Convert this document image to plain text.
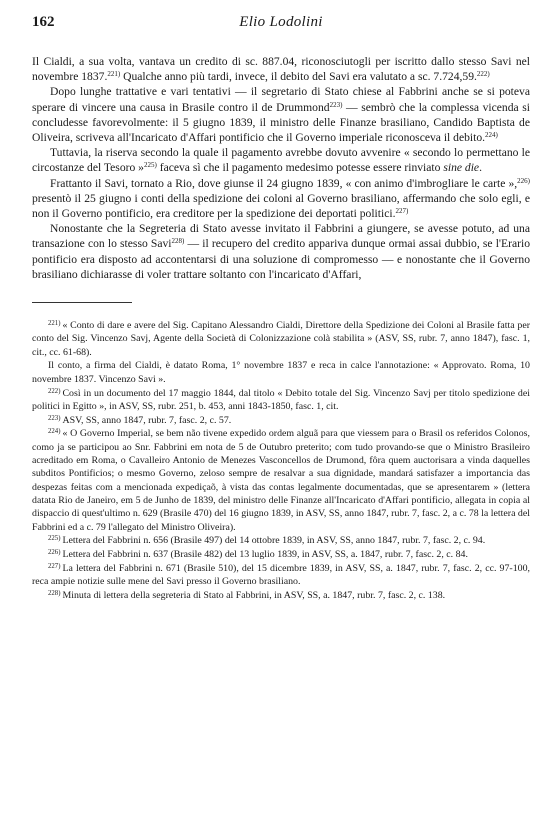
162	Elio Lodolini

Il Cialdi, a sua volta, vantava un credito di sc. 887.04, riconosciutogli per iscritto dallo stesso Savi nel novembre 1837.$^{221)}$ Qualche anno più tardi, invece, il debito del Savi era valutato a sc. 7.724,59.$^{222)}$

Dopo lunghe trattative e vari tentativi — il segretario di Stato chiese al Fabbrini anche se si poteva sperare di vincere una causa in Brasile contro il de Drummond$^{223)}$ — sembrò che la complessa vicenda si concludesse favorevolmente: il 5 giugno 1839, il ministro delle Finanze brasiliano, Candido Baptista de Oliveira, scriveva all'Incaricato d'Affari pontificio che il Governo imperiale riconosceva il debito.$^{224)}$

Tuttavia, la riserva secondo la quale il pagamento avrebbe dovuto avvenire « secondo lo permettano le circostanze del Tesoro »$^{225)}$ faceva sì che il pagamento medesimo potesse essere rinviato sine die.

Frattanto il Savi, tornato a Rio, dove giunse il 24 giugno 1839, « con animo d'imbrogliare le carte »,$^{226)}$ presentò il 25 giugno i conti della spedizione dei coloni al Governo brasiliano, affermando che solo egli, e non il Governo pontificio, era creditore per la spedizione dei deportati politici.$^{227)}$

Nonostante che la Segreteria di Stato avesse invitato il Fabbrini a giungere, se avesse potuto, ad una transazione con lo stesso Savi$^{228)}$ — il recupero del credito appariva dunque ormai assai dubbio, se l'Erario pontificio era disposto ad accontentarsi di una soluzione di compromesso — e nonostante che il Governo brasiliano dichiarasse di voler trattare soltanto con l'incaricato d'Affari,

$^{221)}$ « Conto di dare e avere del Sig. Capitano Alessandro Cialdi, Direttore della Spedizione dei Coloni al Brasile fatta per conto del Sig. Vincenzo Savj, Agente della Società di Colonizzazione colà stabilita » (ASV, SS, rubr. 7, anno 1847), fasc. 1, cit., cc. 61-68).
Il conto, a firma del Cialdi, è datato Roma, 1° novembre 1837 e reca in calce l'annotazione: « Approvato. Roma, 10 novembre 1837. Vincenzo Savi ».
$^{222)}$ Così in un documento del 17 maggio 1844, dal titolo « Debito totale del Sig. Vincenzo Savj per titolo spedizione dei politici in Egitto », in ASV, SS, rubr. 251, b. 453, anni 1843-1850, fasc. 1, cit.
$^{223)}$ ASV, SS, anno 1847, rubr. 7, fasc. 2, c. 57.
$^{224)}$ « O Governo Imperial, se bem não tivene expedido ordem alguã para que viessem para o Brasil os referidos Colonos, como ja se participou ao Snr. Fabbrini em nota de 5 de Outubro preterito; com tudo provando-se que o Ministro Brasileiro acreditado em Roma, o Cavalleiro Antonio de Menezes Vasconcellos de Drumond, fôra quem auctorisara a vinda daquelles subditos Pontificios; o mesmo Governo, zeloso sempre de resalvar a sua dignidade, mandará satisfazer a importancia das despezas feitas com a mencionada expediçaõ, à vista das contas legalmente documentadas, que se apresentarem » (lettera datata Rio de Janeiro, em 5 de Junho de 1839, del ministro delle Finanze all'Incaricato d'Affari pontificio, allegata in copia al dispaccio di quest'ultimo n. 629 (Brasile 470) del 16 giugno 1839, in ASV, SS, anno 1847, rubr. 7, fasc. 2, a c. 78 la lettera del Fabbrini ed a c. 79 l'allegato del Ministro Oliveira).
$^{225)}$ Lettera del Fabbrini n. 656 (Brasile 497) del 14 ottobre 1839, in ASV, SS, anno 1847, rubr. 7, fasc. 2, c. 94.
$^{226)}$ Lettera del Fabbrini n. 637 (Brasile 482) del 13 luglio 1839, in ASV, SS, a. 1847, rubr. 7, fasc. 2, c. 84.
$^{227)}$ La lettera del Fabbrini n. 671 (Brasile 510), del 15 dicembre 1839, in ASV, SS, a. 1847, rubr. 7, fasc. 2, cc. 97-100, reca ampie notizie sulle mene del Savi presso il Governo brasiliano.
$^{228)}$ Minuta di lettera della segreteria di Stato al Fabbrini, in ASV, SS, a. 1847, rubr. 7, fasc. 2, c. 138.
